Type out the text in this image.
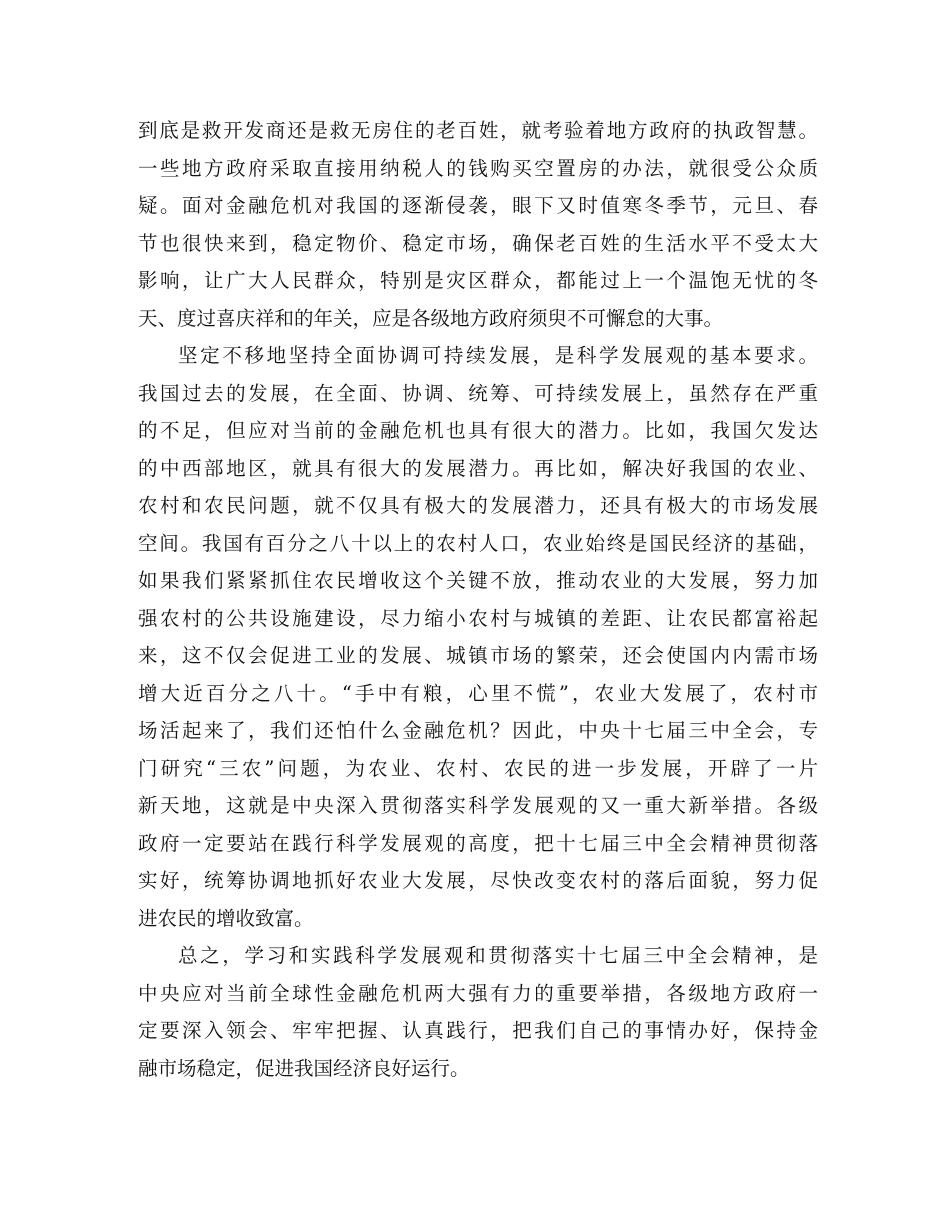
到底是救开发商还是救无房住的老百姓，就考验着地方政府的执政智慧。
一些地方政府采取直接用纳税人的钱购买空置房的办法，就很受公众质
疑。面对金融危机对我国的逐渐侵袭，眼下又时值寒冬季节，元旦、春
节也很快来到，稳定物价、稳定市场，确保老百姓的生活水平不受太大
影响，让广大人民群众，特别是灾区群众，都能过上一个温饱无忧的冬
天、度过喜庆祥和的年关，应是各级地方政府须臾不可懈怠的大事。
坚定不移地坚持全面协调可持续发展，是科学发展观的基本要求。
我国过去的发展，在全面、协调、统筹、可持续发展上，虽然存在严重
的不足，但应对当前的金融危机也具有很大的潜力。比如，我国欠发达
的中西部地区，就具有很大的发展潜力。再比如，解决好我国的农业、
农村和农民问题，就不仅具有极大的发展潜力，还具有极大的市场发展
空间。我国有百分之八十以上的农村人口，农业始终是国民经济的基础，
如果我们紧紧抓住农民增收这个关键不放，推动农业的大发展，努力加
强农村的公共设施建设，尽力缩小农村与城镇的差距、让农民都富裕起
来，这不仅会促进工业的发展、城镇市场的繁荣，还会使国内内需市场
增大近百分之八十。“手中有粮，心里不慌”，农业大发展了，农村市
场活起来了，我们还怕什么金融危机？因此，中央十七届三中全会，专
门研究“三农”问题，为农业、农村、农民的进一步发展，开辟了一片
新天地，这就是中央深入贯彻落实科学发展观的又一重大新举措。各级
政府一定要站在践行科学发展观的高度，把十七届三中全会精神贯彻落
实好，统筹协调地抓好农业大发展，尽快改变农村的落后面貌，努力促
进农民的增收致富。
总之，学习和实践科学发展观和贯彻落实十七届三中全会精神，是
中央应对当前全球性金融危机两大强有力的重要举措，各级地方政府一
定要深入领会、牢牢把握、认真践行，把我们自己的事情办好，保持金
融市场稳定，促进我国经济良好运行。
